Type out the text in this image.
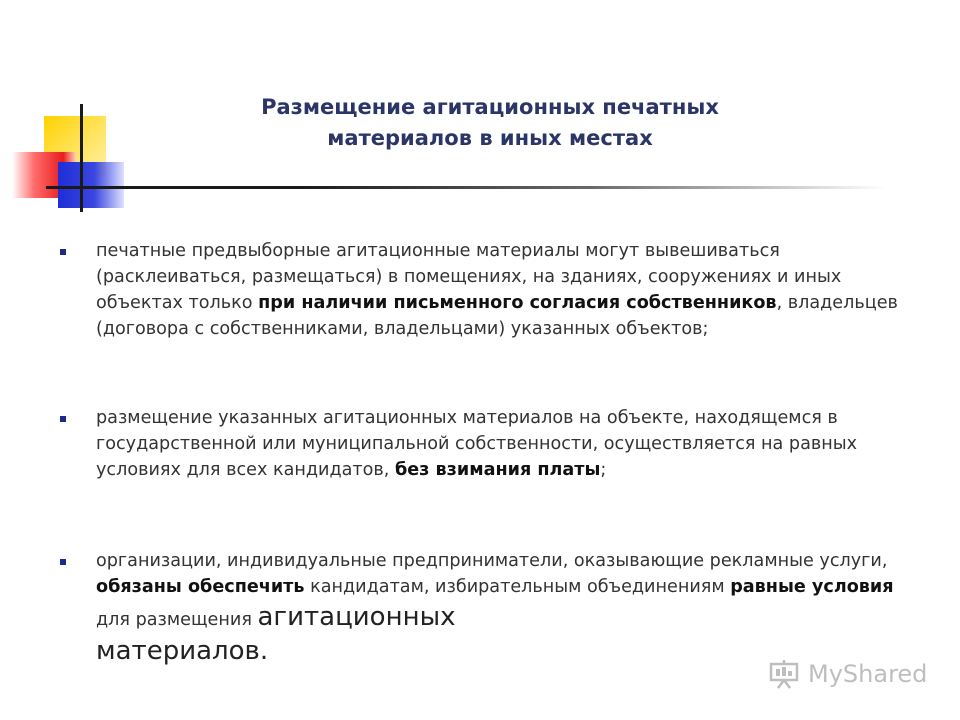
Размещение агитационных печатных
материалов в иных местах
печатные предвыборные агитационные материалы могут вывешиваться (расклеиваться, размещаться) в помещениях, на зданиях, сооружениях и иных объектах только при наличии письменного согласия собственников, владельцев (договора с собственниками, владельцами) указанных объектов;
размещение указанных агитационных материалов на объекте, находящемся в государственной или муниципальной собственности, осуществляется на равных условиях для всех кандидатов, без взимания платы;
организации, индивидуальные предприниматели, оказывающие рекламные услуги, обязаны обеспечить кандидатам, избирательным объединениям равные условия для размещения агитационных
материалов.
MyShared
